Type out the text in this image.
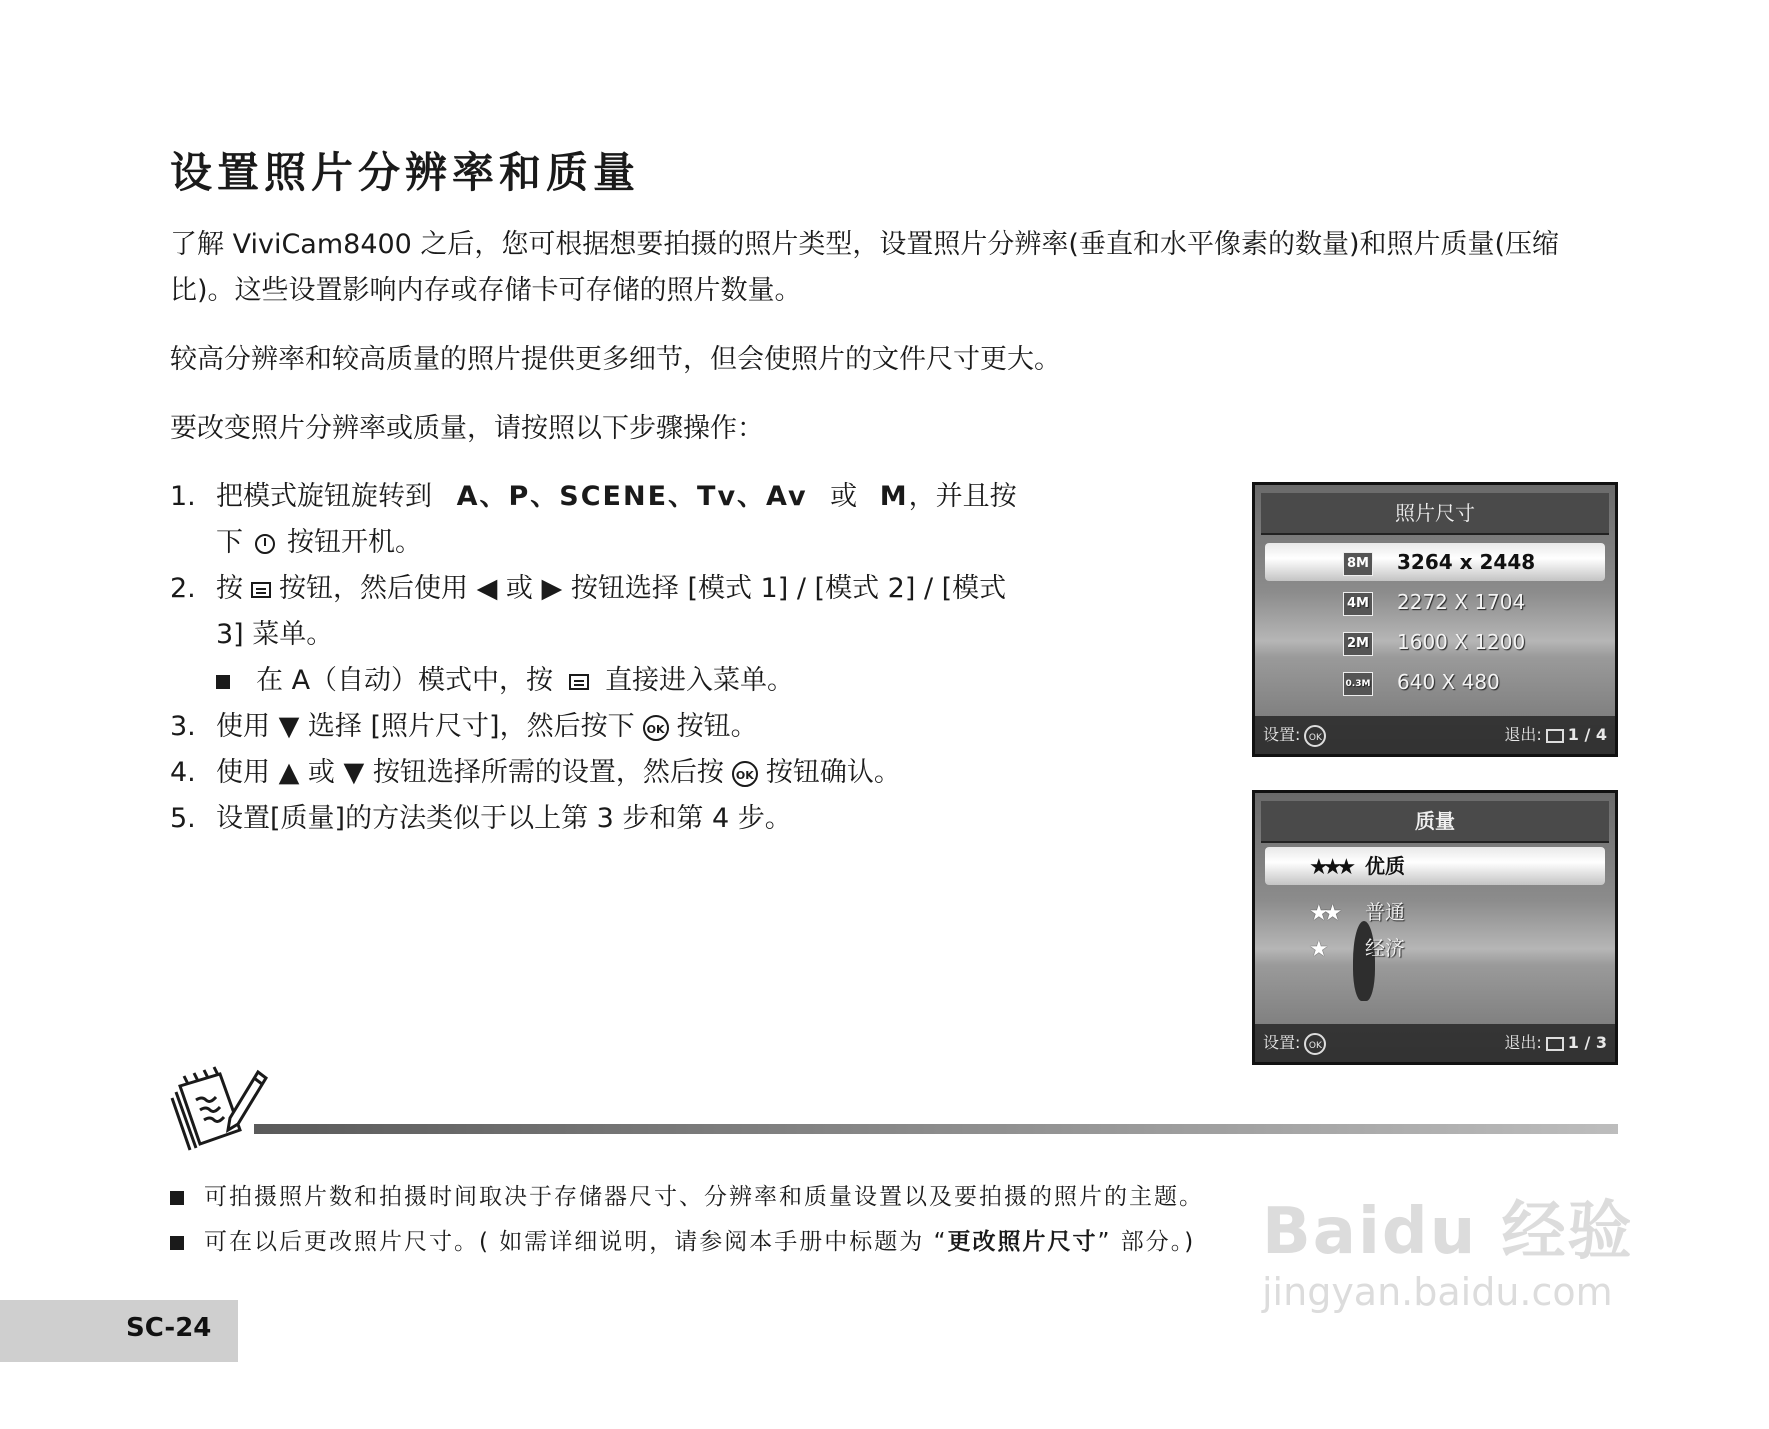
设置照片分辨率和质量

了解 ViviCam8400 之后，您可根据想要拍摄的照片类型，设置照片分辨率(垂直和水平像素的数量)和照片质量(压缩比)。这些设置影响内存或存储卡可存储的照片数量。

较高分辨率和较高质量的照片提供更多细节，但会使照片的文件尺寸更大。

要改变照片分辨率或质量，请按照以下步骤操作：

1. 把模式旋钮旋转到 A、P、SCENE、Tv、Av 或 M，并且按
下 按钮开机。
2. 按 按钮，然后使用 ◀ 或 ▶ 按钮选择 [模式 1] / [模式 2] / [模式
3] 菜单。
在 A（自动）模式中，按 直接进入菜单。
3. 使用 ▼ 选择 [照片尺寸]，然后按下 OK 按钮。
4. 使用 ▲ 或 ▼ 按钮选择所需的设置，然后按 OK 按钮确认。
5. 设置[质量]的方法类似于以上第 3 步和第 4 步。
照片尺寸
8M 3264 x 2448
4M 2272 X 1704
2M 1600 X 1200
0.3M 640 X 480
设置: OK	退出: 1 / 4
质量
★★★ 优质
★★ 普通
★ 经济
设置: OK	退出: 1 / 3
可拍摄照片数和拍摄时间取决于存储器尺寸、分辨率和质量设置以及要拍摄的照片的主题。
可在以后更改照片尺寸。( 如需详细说明，请参阅本手册中标题为 “更改照片尺寸” 部分。)
SC-24
Baidu 经验
jingyan.baidu.com
